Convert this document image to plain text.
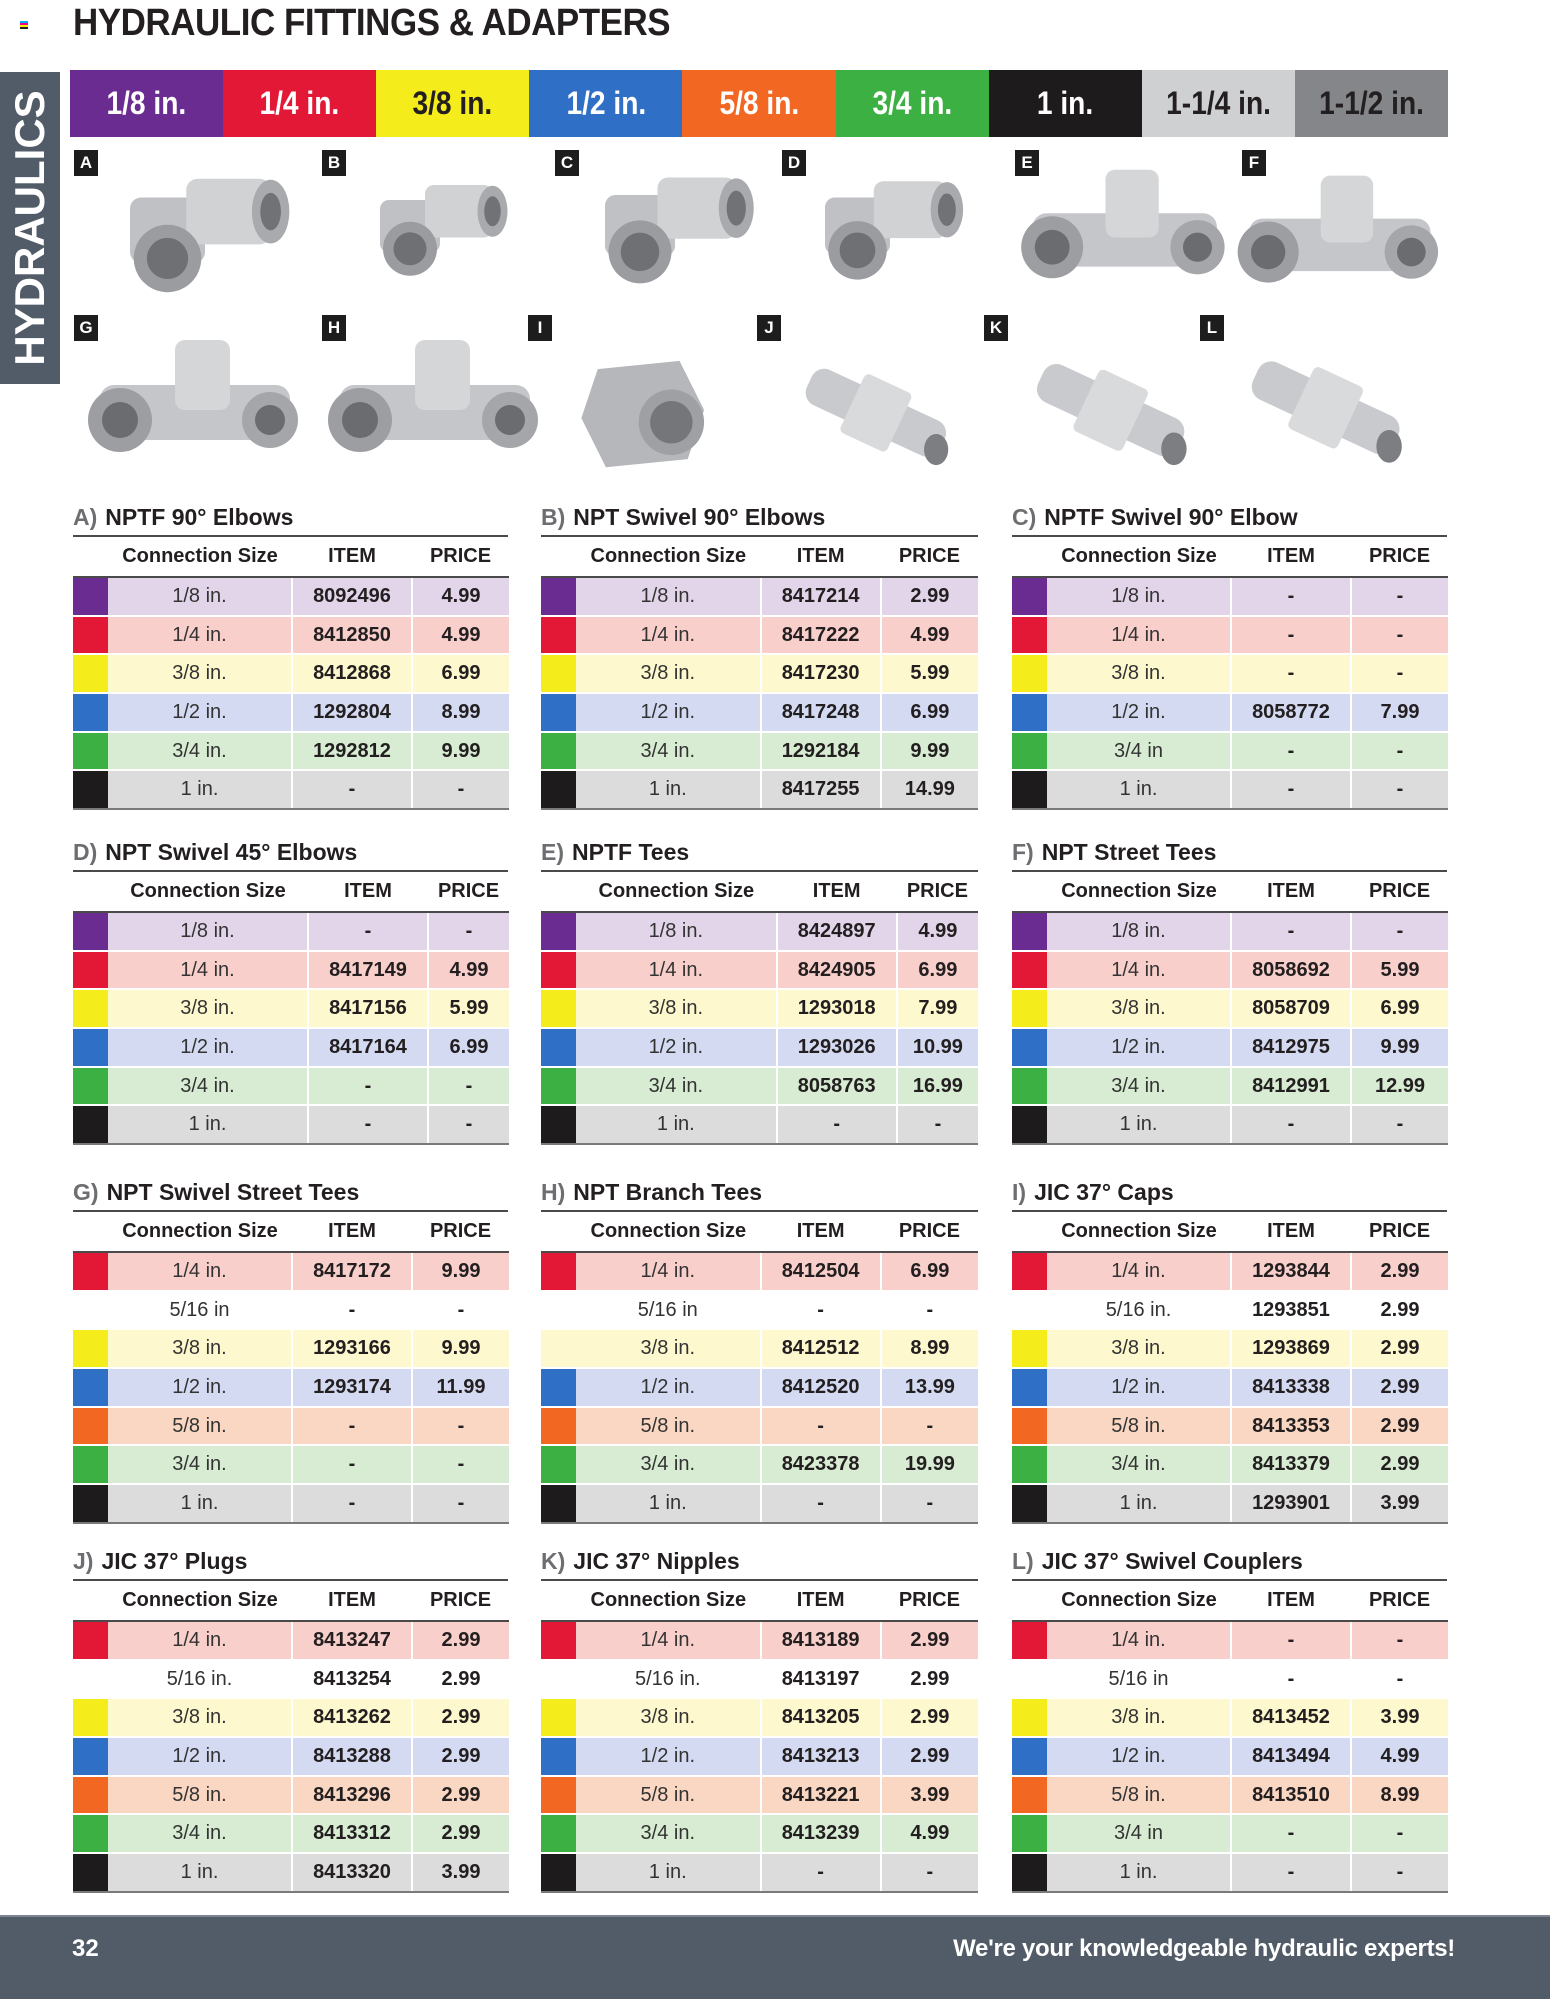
HYDRAULIC FITTINGS & ADAPTERS
HYDRAULICS 1/8 in. 1/4 in. 3/8 in. 1/2 in. 5/8 in. 3/4 in.	1 in. 1-1/4 in. 1-1/2 in.
A	B	C	D	E	F
G	H	I	J	K	L
A) NPTF 90° Elbows
	Connection Size	ITEM	PRICE
	1/8 in.	8092496	4.99
	1/4 in.	8412850	4.99
	3/8 in.	8412868	6.99
	1/2 in.	1292804	8.99
	3/4 in.	1292812	9.99
	1 in.	-	-
B) NPT Swivel 90° Elbows
	Connection Size	ITEM	PRICE
	1/8 in.	8417214	2.99
	1/4 in.	8417222	4.99
	3/8 in.	8417230	5.99
	1/2 in.	8417248	6.99
	3/4 in.	1292184	9.99
	1 in.	8417255	14.99
C) NPTF Swivel 90° Elbow
	Connection Size	ITEM	PRICE
	1/8 in.	-	-
	1/4 in.	-	-
	3/8 in.	-	-
	1/2 in.	8058772	7.99
	3/4 in	-	-
	1 in.	-	-
D) NPT Swivel 45° Elbows
	Connection Size	ITEM	PRICE
	1/8 in.	-	-
	1/4 in.	8417149	4.99
	3/8 in.	8417156	5.99
	1/2 in.	8417164	6.99
	3/4 in.	-	-
	1 in.	-	-
E) NPTF Tees
	Connection Size	ITEM	PRICE
	1/8 in.	8424897	4.99
	1/4 in.	8424905	6.99
	3/8 in.	1293018	7.99
	1/2 in.	1293026	10.99
	3/4 in.	8058763	16.99
	1 in.	-	-
F) NPT Street Tees
	Connection Size	ITEM	PRICE
	1/8 in.	-	-
	1/4 in.	8058692	5.99
	3/8 in.	8058709	6.99
	1/2 in.	8412975	9.99
	3/4 in.	8412991	12.99
	1 in.	-	-
G) NPT Swivel Street Tees
	Connection Size	ITEM	PRICE
	1/4 in.	8417172	9.99
	5/16 in	-	-
	3/8 in.	1293166	9.99
	1/2 in.	1293174	11.99
	5/8 in.	-	-
	3/4 in.	-	-
	1 in.	-	-
H) NPT Branch Tees
	Connection Size	ITEM	PRICE
	1/4 in.	8412504	6.99
	5/16 in	-	-
	3/8 in.	8412512	8.99
	1/2 in.	8412520	13.99
	5/8 in.	-	-
	3/4 in.	8423378	19.99
	1 in.	-	-
I) JIC 37° Caps
	Connection Size	ITEM	PRICE
	1/4 in.	1293844	2.99
	5/16 in.	1293851	2.99
	3/8 in.	1293869	2.99
	1/2 in.	8413338	2.99
	5/8 in.	8413353	2.99
	3/4 in.	8413379	2.99
	1 in.	1293901	3.99
J) JIC 37° Plugs
	Connection Size	ITEM	PRICE
	1/4 in.	8413247	2.99
	5/16 in.	8413254	2.99
	3/8 in.	8413262	2.99
	1/2 in.	8413288	2.99
	5/8 in.	8413296	2.99
	3/4 in.	8413312	2.99
	1 in.	8413320	3.99
K) JIC 37° Nipples
	Connection Size	ITEM	PRICE
	1/4 in.	8413189	2.99
	5/16 in.	8413197	2.99
	3/8 in.	8413205	2.99
	1/2 in.	8413213	2.99
	5/8 in.	8413221	3.99
	3/4 in.	8413239	4.99
	1 in.	-	-
L) JIC 37° Swivel Couplers
	Connection Size	ITEM	PRICE
	1/4 in.	-	-
	5/16 in	-	-
	3/8 in.	8413452	3.99
	1/2 in.	8413494	4.99
	5/8 in.	8413510	8.99
	3/4 in	-	-
	1 in.	-	-
32	We're your knowledgeable hydraulic experts!
